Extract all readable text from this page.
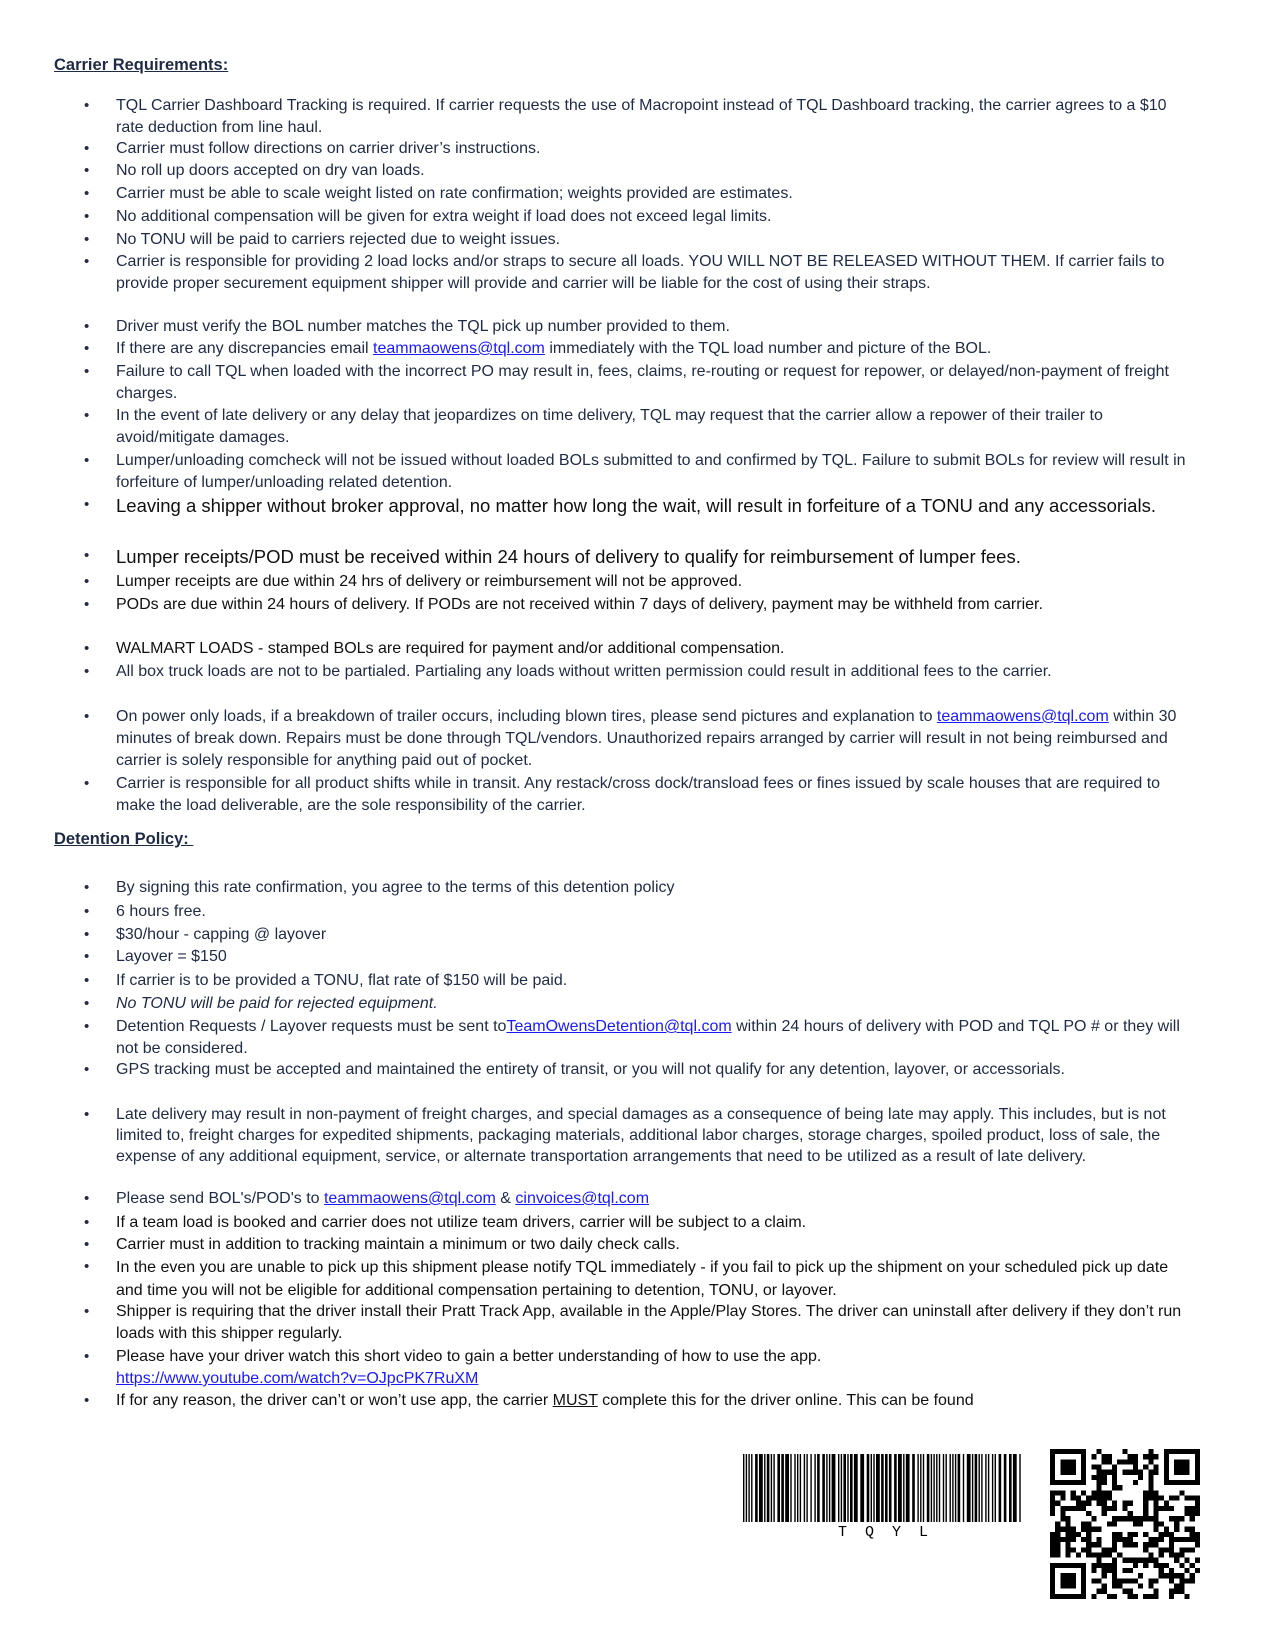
Carrier Requirements:
• TQL Carrier Dashboard Tracking is required. If carrier requests the use of Macropoint instead of TQL Dashboard tracking, the carrier agrees to a $10 rate deduction from line haul.
• Carrier must follow directions on carrier driver’s instructions.
• No roll up doors accepted on dry van loads.
• Carrier must be able to scale weight listed on rate confirmation; weights provided are estimates.
• No additional compensation will be given for extra weight if load does not exceed legal limits.
• No TONU will be paid to carriers rejected due to weight issues.
• Carrier is responsible for providing 2 load locks and/or straps to secure all loads. YOU WILL NOT BE RELEASED WITHOUT THEM. If carrier fails to provide proper securement equipment shipper will provide and carrier will be liable for the cost of using their straps.
• Driver must verify the BOL number matches the TQL pick up number provided to them.
• If there are any discrepancies email teammaowens@tql.com immediately with the TQL load number and picture of the BOL.
• Failure to call TQL when loaded with the incorrect PO may result in, fees, claims, re-routing or request for repower, or delayed/non-payment of freight charges.
• In the event of late delivery or any delay that jeopardizes on time delivery, TQL may request that the carrier allow a repower of their trailer to avoid/mitigate damages.
• Lumper/unloading comcheck will not be issued without loaded BOLs submitted to and confirmed by TQL. Failure to submit BOLs for review will result in forfeiture of lumper/unloading related detention.
• Leaving a shipper without broker approval, no matter how long the wait, will result in forfeiture of a TONU and any accessorials.
• Lumper receipts/POD must be received within 24 hours of delivery to qualify for reimbursement of lumper fees.
• Lumper receipts are due within 24 hrs of delivery or reimbursement will not be approved.
• PODs are due within 24 hours of delivery. If PODs are not received within 7 days of delivery, payment may be withheld from carrier.
• WALMART LOADS - stamped BOLs are required for payment and/or additional compensation.
• All box truck loads are not to be partialed. Partialing any loads without written permission could result in additional fees to the carrier.
• On power only loads, if a breakdown of trailer occurs, including blown tires, please send pictures and explanation to teammaowens@tql.com within 30 minutes of break down. Repairs must be done through TQL/vendors. Unauthorized repairs arranged by carrier will result in not being reimbursed and carrier is solely responsible for anything paid out of pocket.
• Carrier is responsible for all product shifts while in transit. Any restack/cross dock/transload fees or fines issued by scale houses that are required to make the load deliverable, are the sole responsibility of the carrier.
Detention Policy:
• By signing this rate confirmation, you agree to the terms of this detention policy
• 6 hours free.
• $30/hour - capping @ layover
• Layover = $150
• If carrier is to be provided a TONU, flat rate of $150 will be paid.
• No TONU will be paid for rejected equipment.
• Detention Requests / Layover requests must be sent toTeamOwensDetention@tql.com within 24 hours of delivery with POD and TQL PO # or they will not be considered.
• GPS tracking must be accepted and maintained the entirety of transit, or you will not qualify for any detention, layover, or accessorials.
• Late delivery may result in non-payment of freight charges, and special damages as a consequence of being late may apply. This includes, but is not limited to, freight charges for expedited shipments, packaging materials, additional labor charges, storage charges, spoiled product, loss of sale, the expense of any additional equipment, service, or alternate transportation arrangements that need to be utilized as a result of late delivery.
• Please send BOL's/POD's to teammaowens@tql.com & cinvoices@tql.com
• If a team load is booked and carrier does not utilize team drivers, carrier will be subject to a claim.
• Carrier must in addition to tracking maintain a minimum or two daily check calls.
• In the even you are unable to pick up this shipment please notify TQL immediately - if you fail to pick up the shipment on your scheduled pick up date and time you will not be eligible for additional compensation pertaining to detention, TONU, or layover.
• Shipper is requiring that the driver install their Pratt Track App, available in the Apple/Play Stores. The driver can uninstall after delivery if they don’t run loads with this shipper regularly.
• Please have your driver watch this short video to gain a better understanding of how to use the app. https://www.youtube.com/watch?v=OJpcPK7RuXM
• If for any reason, the driver can’t or won’t use app, the carrier MUST complete this for the driver online. This can be found
T  Q  Y  L
